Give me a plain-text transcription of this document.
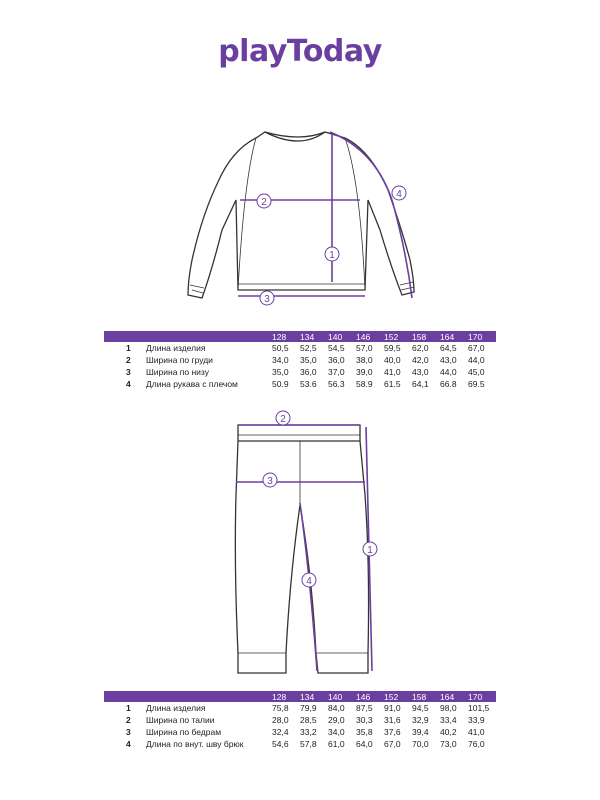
playToday
1
2
3
4
		128	134	140	146	152	158	164	170
1	Длина изделия	50,5	52,5	54,5	57,0	59,5	62,0	64,5	67,0
2	Ширина по груди	34,0	35,0	36,0	38,0	40,0	42,0	43,0	44,0
3	Ширина по низу	35,0	36,0	37,0	39,0	41,0	43,0	44,0	45,0
4	Длина рукава с плечом	50.9	53.6	56.3	58.9	61.5	64,1	66.8	69.5
2
3
1
4
		128	134	140	146	152	158	164	170
1	Длина изделия	75,8	79,9	84,0	87,5	91,0	94,5	98,0	101,5
2	Ширина по талии	28,0	28,5	29,0	30,3	31,6	32,9	33,4	33,9
3	Ширина по бедрам	32,4	33,2	34,0	35,8	37,6	39,4	40,2	41,0
4	Длина по внут. шву брюк	54,6	57,8	61,0	64,0	67,0	70,0	73,0	76,0
